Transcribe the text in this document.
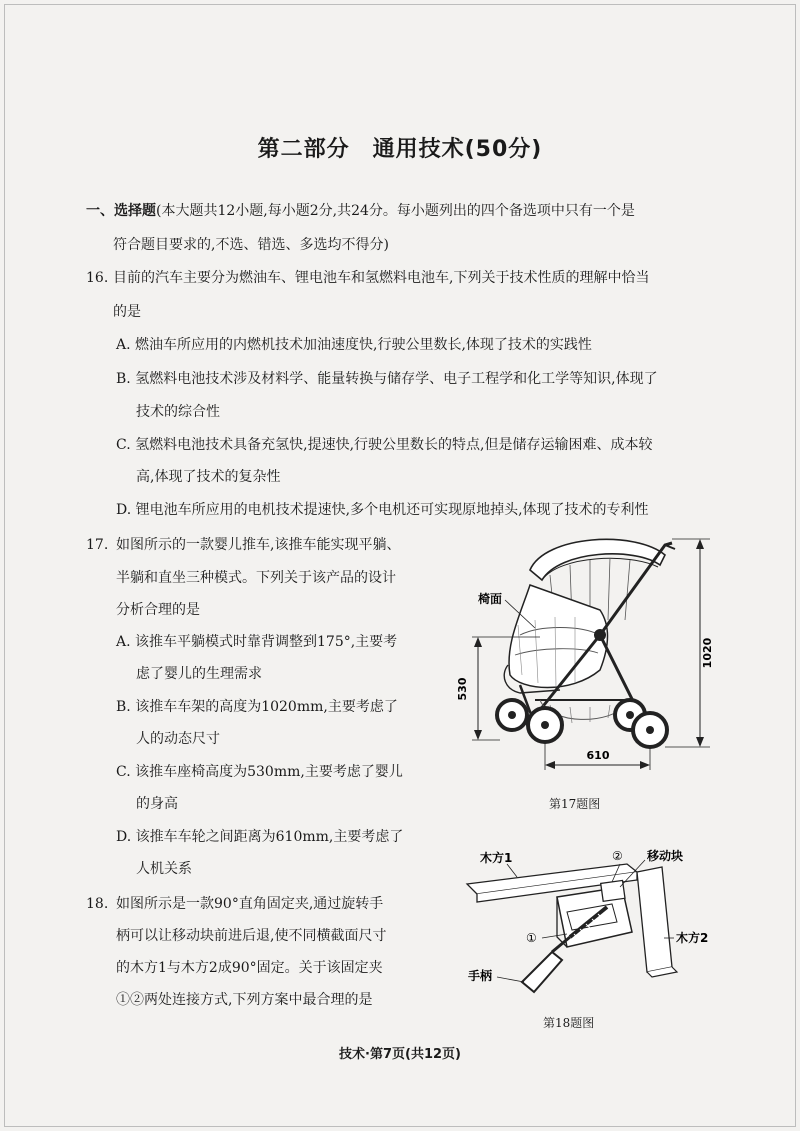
第二部分　通用技术(50分)
一、选择题(本大题共12小题,每小题2分,共24分。每小题列出的四个备选项中只有一个是
符合题目要求的,不选、错选、多选均不得分)
16. 目前的汽车主要分为燃油车、锂电池车和氢燃料电池车,下列关于技术性质的理解中恰当
的是
A. 燃油车所应用的内燃机技术加油速度快,行驶公里数长,体现了技术的实践性
B. 氢燃料电池技术涉及材料学、能量转换与储存学、电子工程学和化工学等知识,体现了
技术的综合性
C. 氢燃料电池技术具备充氢快,提速快,行驶公里数长的特点,但是储存运输困难、成本较
高,体现了技术的复杂性
D. 锂电池车所应用的电机技术提速快,多个电机还可实现原地掉头,体现了技术的专利性
17. 如图所示的一款婴儿推车,该推车能实现平躺、
半躺和直坐三种模式。下列关于该产品的设计
分析合理的是
A. 该推车平躺模式时靠背调整到175°,主要考
虑了婴儿的生理需求
B. 该推车车架的高度为1020mm,主要考虑了
人的动态尺寸
C. 该推车座椅高度为530mm,主要考虑了婴儿
的身高
D. 该推车车轮之间距离为610mm,主要考虑了
人机关系
1020
530
610
椅面
第17题图
18. 如图所示是一款90°直角固定夹,通过旋转手
柄可以让移动块前进后退,使不同横截面尺寸
的木方1与木方2成90°固定。关于该固定夹
①②两处连接方式,下列方案中最合理的是
木方1	② 移动块
①	木方2
手柄
第18题图
技术·第7页(共12页)
